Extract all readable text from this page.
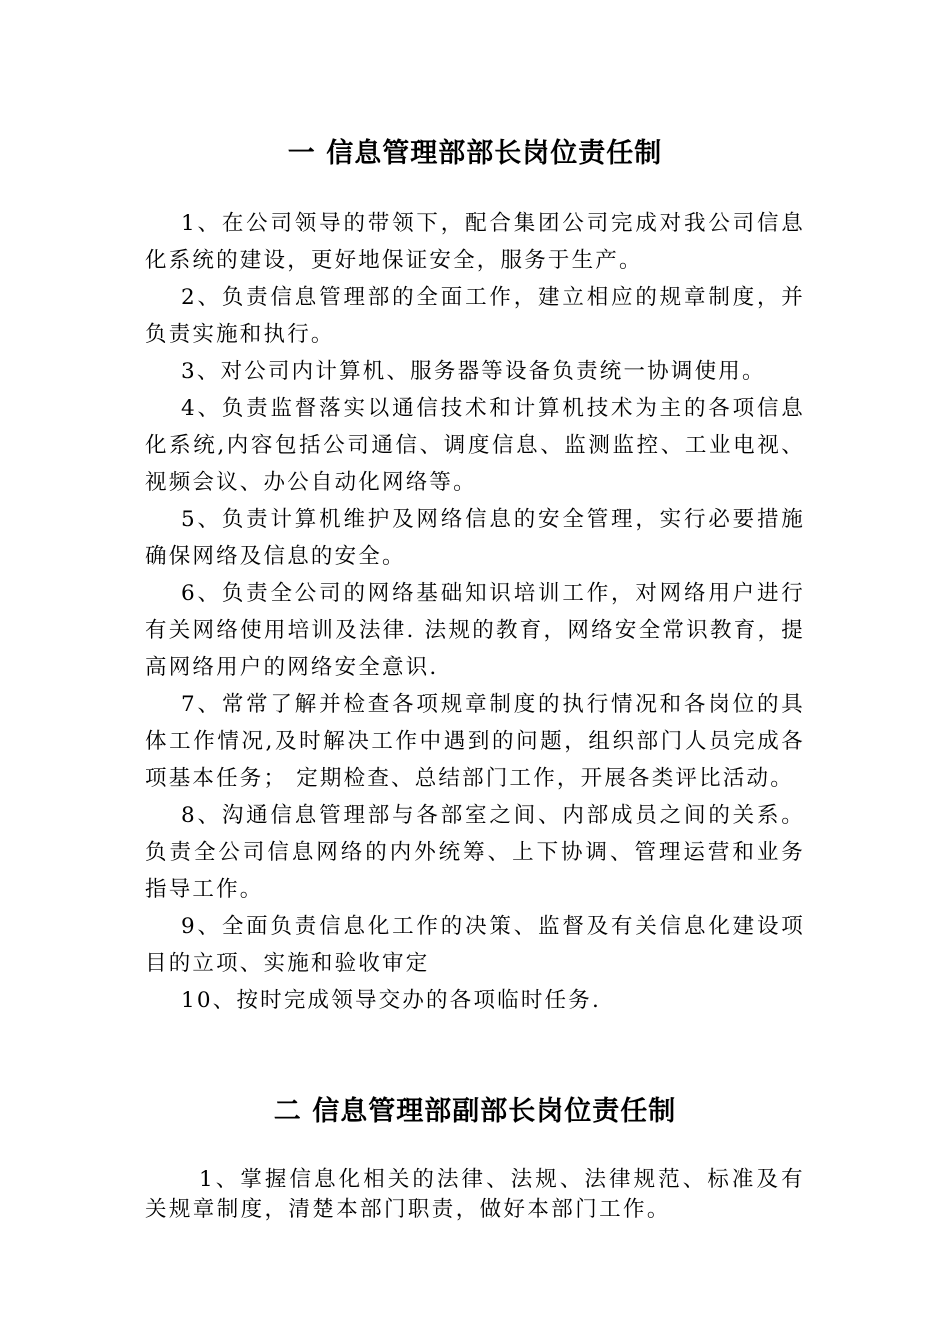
一 信息管理部部长岗位责任制

1、在公司领导的带领下，配合集团公司完成对我公司信息化系统的建设，更好地保证安全，服务于生产。

2、负责信息管理部的全面工作，建立相应的规章制度，并负责实施和执行。

3、对公司内计算机、服务器等设备负责统一协调使用。

4、负责监督落实以通信技术和计算机技术为主的各项信息化系统,内容包括公司通信、调度信息、监测监控、工业电视、视频会议、办公自动化网络等。

5、负责计算机维护及网络信息的安全管理，实行必要措施确保网络及信息的安全。

6、负责全公司的网络基础知识培训工作，对网络用户进行有关网络使用培训及法律. 法规的教育，网络安全常识教育，提高网络用户的网络安全意识.

7、常常了解并检查各项规章制度的执行情况和各岗位的具体工作情况,及时解决工作中遇到的问题，组织部门人员完成各项基本任务； 定期检查、总结部门工作，开展各类评比活动。

8、沟通信息管理部与各部室之间、内部成员之间的关系。负责全公司信息网络的内外统筹、上下协调、管理运营和业务指导工作。

9、全面负责信息化工作的决策、监督及有关信息化建设项目的立项、实施和验收审定

10、按时完成领导交办的各项临时任务.

二 信息管理部副部长岗位责任制

1、掌握信息化相关的法律、法规、法律规范、标准及有关规章制度，清楚本部门职责，做好本部门工作。
